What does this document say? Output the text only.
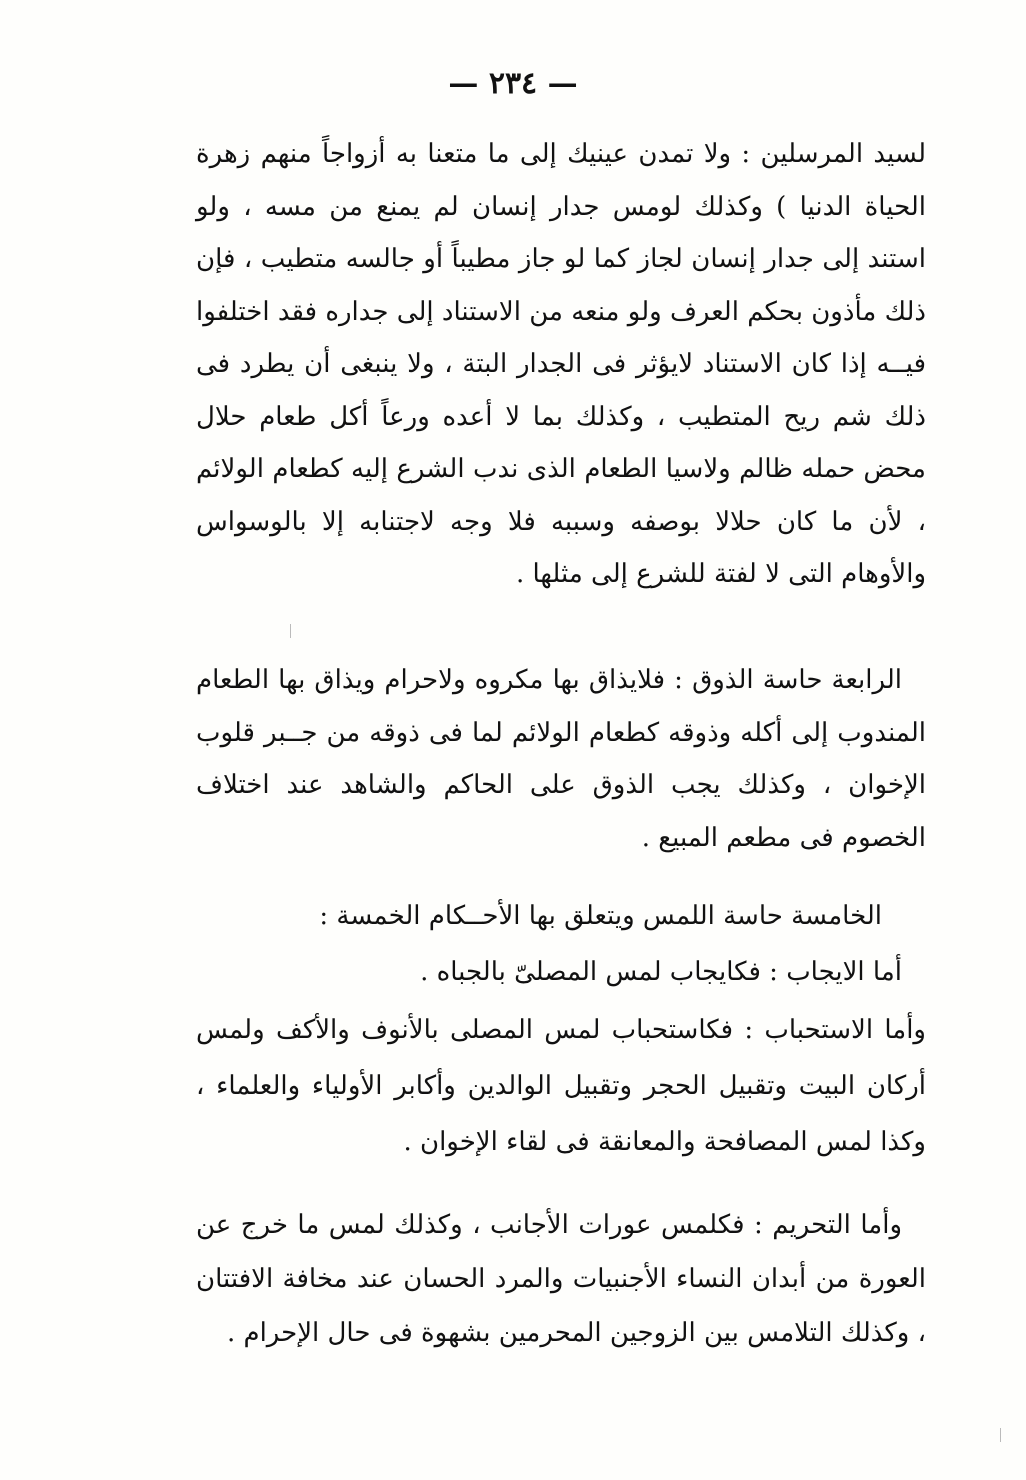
— ٢٣٤ —

لسيد المرسلين : ولا تمدن عينيك إلى ما متعنا به أزواجاً منهم زهرة الحياة الدنيا ) وكذلك لومس جدار إنسان لم يمنع من مسه ، ولو استند إلى جدار إنسان لجاز كما لو جاز مطيباً أو جالسه متطيب ، فإن ذلك مأذون بحكم العرف ولو منعه من الاستناد إلى جداره فقد اختلفوا فيــه إذا كان الاستناد لايؤثر فى الجدار البتة ، ولا ينبغى أن يطرد فى ذلك شم ريح المتطيب ، وكذلك بما لا أعده ورعاً أكل طعام حلال محض حمله ظالم ولاسيا الطعام الذى ندب الشرع إليه كطعام الولائم ، لأن ما كان حلالا بوصفه وسببه فلا وجه لاجتنابه إلا بالوسواس والأوهام التى لا لفتة للشرع إلى مثلها .

الرابعة حاسة الذوق : فلايذاق بها مكروه ولاحرام ويذاق بها الطعام المندوب إلى أكله وذوقه كطعام الولائم لما فى ذوقه من جــبر قلوب الإخوان ، وكذلك يجب الذوق على الحاكم والشاهد عند اختلاف الخصوم فى مطعم المبيع .

الخامسة حاسة اللمس ويتعلق بها الأحــكام الخمسة :

أما الايجاب : فكايجاب لمس المصلىّ بالجباه .

وأما الاستحباب : فكاستحباب لمس المصلى بالأنوف والأكف ولمس أركان البيت وتقبيل الحجر وتقبيل الوالدين وأكابر الأولياء والعلماء ، وكذا لمس المصافحة والمعانقة فى لقاء الإخوان .

وأما التحريم : فكلمس عورات الأجانب ، وكذلك لمس ما خرج عن العورة من أبدان النساء الأجنبيات والمرد الحسان عند مخافة الافتتان ، وكذلك التلامس بين الزوجين المحرمين بشهوة فى حال الإحرام .
